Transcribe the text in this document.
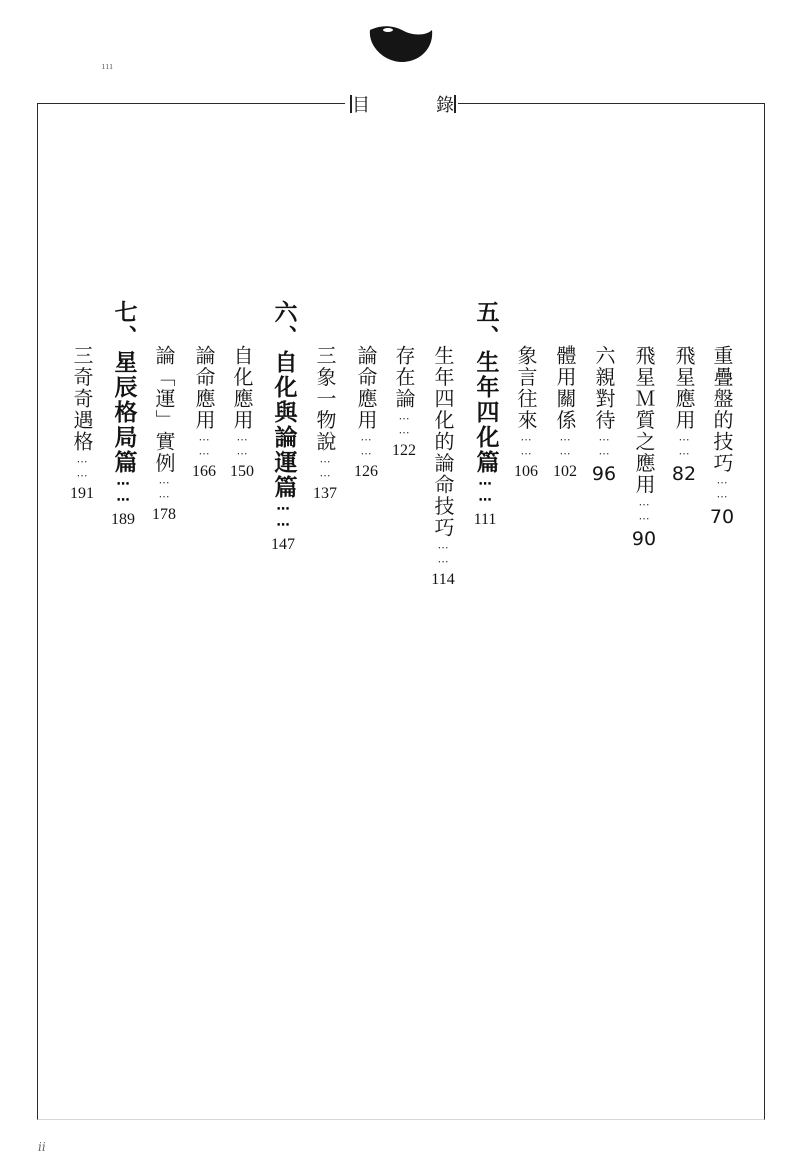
ııı
目	錄
重疊盤的技巧
⋯⋯
70
飛星應用
⋯⋯
82
飛星Ｍ質之應用
⋯⋯
90
六親對待
⋯⋯
96
體用關係
⋯⋯
102
象言往來
⋯⋯
106
五、生年四化篇
⋯⋯
111
生年四化的論命技巧
⋯⋯
114
存在論
⋯⋯
122
論命應用
⋯⋯
126
三象一物說
⋯⋯
137
六、自化與論運篇
⋯⋯
147
自化應用
⋯⋯
150
論命應用
⋯⋯
166
論「運」實例
⋯⋯
178
七、星辰格局篇
⋯⋯
189
三奇奇遇格
⋯⋯
191
ii
